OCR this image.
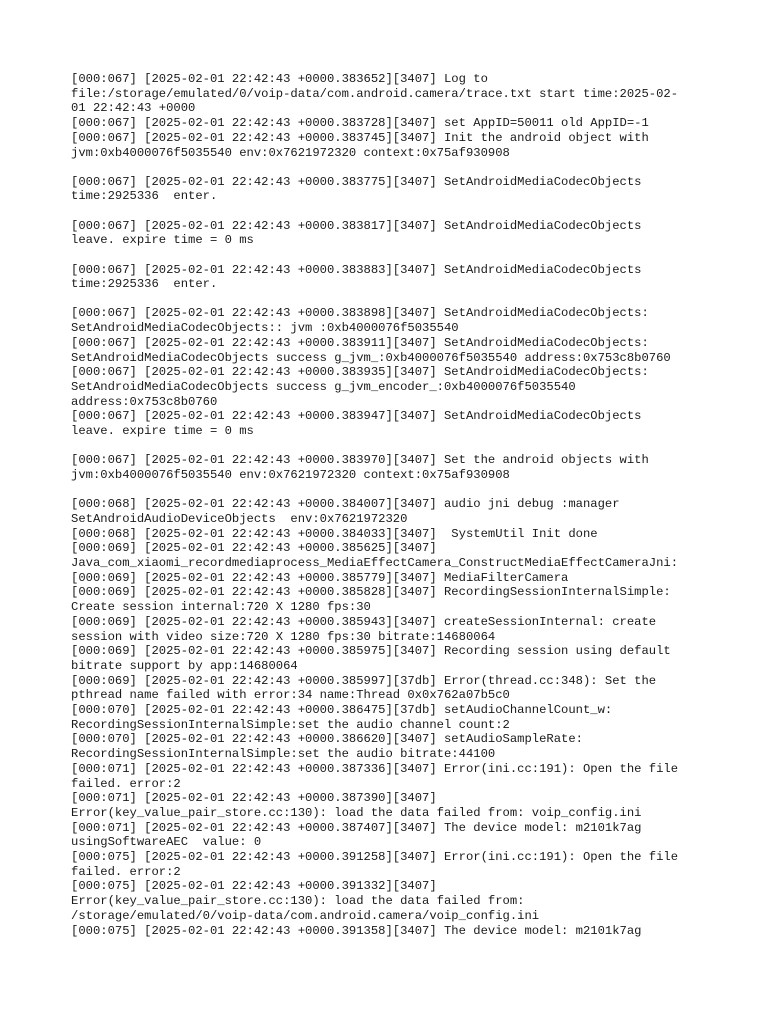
[000:067] [2025-02-01 22:42:43 +0000.383652][3407] Log to
file:/storage/emulated/0/voip-data/com.android.camera/trace.txt start time:2025-02-
01 22:42:43 +0000
[000:067] [2025-02-01 22:42:43 +0000.383728][3407] set AppID=50011 old AppID=-1
[000:067] [2025-02-01 22:42:43 +0000.383745][3407] Init the android object with
jvm:0xb4000076f5035540 env:0x7621972320 context:0x75af930908
[000:067] [2025-02-01 22:42:43 +0000.383775][3407] SetAndroidMediaCodecObjects
time:2925336  enter.
[000:067] [2025-02-01 22:42:43 +0000.383817][3407] SetAndroidMediaCodecObjects
leave. expire time = 0 ms
[000:067] [2025-02-01 22:42:43 +0000.383883][3407] SetAndroidMediaCodecObjects
time:2925336  enter.
[000:067] [2025-02-01 22:42:43 +0000.383898][3407] SetAndroidMediaCodecObjects:
SetAndroidMediaCodecObjects:: jvm :0xb4000076f5035540
[000:067] [2025-02-01 22:42:43 +0000.383911][3407] SetAndroidMediaCodecObjects:
SetAndroidMediaCodecObjects success g_jvm_:0xb4000076f5035540 address:0x753c8b0760
[000:067] [2025-02-01 22:42:43 +0000.383935][3407] SetAndroidMediaCodecObjects:
SetAndroidMediaCodecObjects success g_jvm_encoder_:0xb4000076f5035540
address:0x753c8b0760
[000:067] [2025-02-01 22:42:43 +0000.383947][3407] SetAndroidMediaCodecObjects
leave. expire time = 0 ms
[000:067] [2025-02-01 22:42:43 +0000.383970][3407] Set the android objects with
jvm:0xb4000076f5035540 env:0x7621972320 context:0x75af930908
[000:068] [2025-02-01 22:42:43 +0000.384007][3407] audio jni debug :manager
SetAndroidAudioDeviceObjects  env:0x7621972320
[000:068] [2025-02-01 22:42:43 +0000.384033][3407]  SystemUtil Init done
[000:069] [2025-02-01 22:42:43 +0000.385625][3407]
Java_com_xiaomi_recordmediaprocess_MediaEffectCamera_ConstructMediaEffectCameraJni:
[000:069] [2025-02-01 22:42:43 +0000.385779][3407] MediaFilterCamera
[000:069] [2025-02-01 22:42:43 +0000.385828][3407] RecordingSessionInternalSimple:
Create session internal:720 X 1280 fps:30
[000:069] [2025-02-01 22:42:43 +0000.385943][3407] createSessionInternal: create
session with video size:720 X 1280 fps:30 bitrate:14680064
[000:069] [2025-02-01 22:42:43 +0000.385975][3407] Recording session using default
bitrate support by app:14680064
[000:069] [2025-02-01 22:42:43 +0000.385997][37db] Error(thread.cc:348): Set the
pthread name failed with error:34 name:Thread 0x0x762a07b5c0
[000:070] [2025-02-01 22:42:43 +0000.386475][37db] setAudioChannelCount_w:
RecordingSessionInternalSimple:set the audio channel count:2
[000:070] [2025-02-01 22:42:43 +0000.386620][3407] setAudioSampleRate:
RecordingSessionInternalSimple:set the audio bitrate:44100
[000:071] [2025-02-01 22:42:43 +0000.387336][3407] Error(ini.cc:191): Open the file
failed. error:2
[000:071] [2025-02-01 22:42:43 +0000.387390][3407]
Error(key_value_pair_store.cc:130): load the data failed from: voip_config.ini
[000:071] [2025-02-01 22:42:43 +0000.387407][3407] The device model: m2101k7ag
usingSoftwareAEC  value: 0
[000:075] [2025-02-01 22:42:43 +0000.391258][3407] Error(ini.cc:191): Open the file
failed. error:2
[000:075] [2025-02-01 22:42:43 +0000.391332][3407]
Error(key_value_pair_store.cc:130): load the data failed from:
/storage/emulated/0/voip-data/com.android.camera/voip_config.ini
[000:075] [2025-02-01 22:42:43 +0000.391358][3407] The device model: m2101k7ag
